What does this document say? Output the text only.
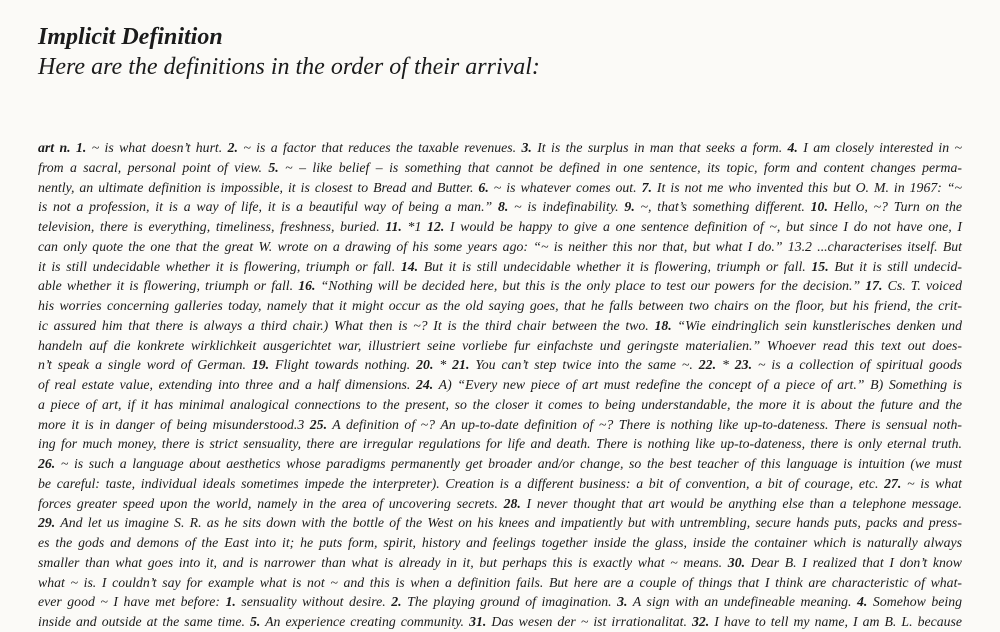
Implicit Definition
Here are the definitions in the order of their arrival:
art n. 1. ~ is what doesn’t hurt. 2. ~ is a factor that reduces the taxable revenues. 3. It is the surplus in man that seeks a form. 4. I am closely interested in ~
from a sacral, personal point of view. 5. ~ – like belief – is something that cannot be defined in one sentence, its topic, form and content changes perma-
nently, an ultimate definition is impossible, it is closest to Bread and Butter. 6. ~ is whatever comes out. 7. It is not me who invented this but O. M. in 1967: “~
is not a profession, it is a way of life, it is a beautiful way of being a man.” 8. ~ is indefinability. 9. ~, that’s something different. 10. Hello, ~? Turn on the
television, there is everything, timeliness, freshness, buried. 11. *1 12. I would be happy to give a one sentence definition of ~, but since I do not have one, I
can only quote the one that the great W. wrote on a drawing of his some years ago: “~ is neither this nor that, but what I do.” 13.2 ...characterises itself. But
it is still undecidable whether it is flowering, triumph or fall. 14. But it is still undecidable whether it is flowering, triumph or fall. 15. But it is still undecid-
able whether it is flowering, triumph or fall. 16. “Nothing will be decided here, but this is the only place to test our powers for the decision.” 17. Cs. T. voiced
his worries concerning galleries today, namely that it might occur as the old saying goes, that he falls between two chairs on the floor, but his friend, the crit-
ic assured him that there is always a third chair.) What then is ~? It is the third chair between the two. 18. “Wie eindringlich sein kunstlerisches denken und
handeln auf die konkrete wirklichkeit ausgerichtet war, illustriert seine vorliebe fur einfachste und geringste materialien.” Whoever read this text out does-
n’t speak a single word of German. 19. Flight towards nothing. 20. * 21. You can’t step twice into the same ~. 22. * 23. ~ is a collection of spiritual goods
of real estate value, extending into three and a half dimensions. 24. A) “Every new piece of art must redefine the concept of a piece of art.” B) Something is
a piece of art, if it has minimal analogical connections to the present, so the closer it comes to being understandable, the more it is about the future and the
more it is in danger of being misunderstood.3 25. A definition of ~? An up-to-date definition of ~? There is nothing like up-to-dateness. There is sensual noth-
ing for much money, there is strict sensuality, there are irregular regulations for life and death. There is nothing like up-to-dateness, there is only eternal truth.
26. ~ is such a language about aesthetics whose paradigms permanently get broader and/or change, so the best teacher of this language is intuition (we must
be careful: taste, individual ideals sometimes impede the interpreter). Creation is a different business: a bit of convention, a bit of courage, etc. 27. ~ is what
forces greater speed upon the world, namely in the area of uncovering secrets. 28. I never thought that art would be anything else than a telephone message.
29. And let us imagine S. R. as he sits down with the bottle of the West on his knees and impatiently but with untrembling, secure hands puts, packs and press-
es the gods and demons of the East into it; he puts form, spirit, history and feelings together inside the glass, inside the container which is naturally always
smaller than what goes into it, and is narrower than what is already in it, but perhaps this is exactly what ~ means. 30. Dear B. I realized that I don’t know
what ~ is. I couldn’t say for example what is not ~ and this is when a definition fails. But here are a couple of things that I think are characteristic of what-
ever good ~ I have met before: 1. sensuality without desire. 2. The playing ground of imagination. 3. A sign with an undefineable meaning. 4. Somehow being
inside and outside at the same time. 5. An experience creating community. 31. Das wesen der ~ ist irrationalitat. 32. I have to tell my name, I am B. L. because
